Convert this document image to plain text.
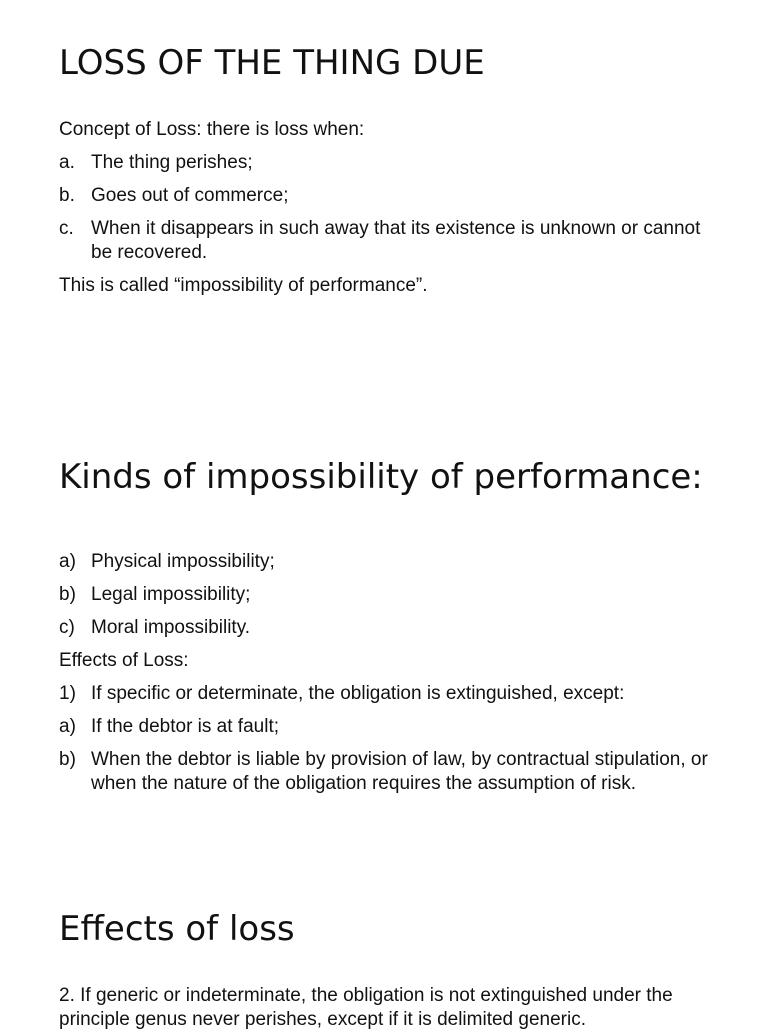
LOSS OF THE THING DUE

Concept of Loss: there is loss when:

a. The thing perishes;
b. Goes out of commerce;
c. When it disappears in such away that its existence is unknown or cannot be recovered.

This is called “impossibility of performance”.

Kinds of impossibility of performance:
a) Physical impossibility;
b) Legal impossibility;
c) Moral impossibility.

Effects of Loss:

1) If specific or determinate, the obligation is extinguished, except:
a) If the debtor is at fault;
b) When the debtor is liable by provision of law, by contractual stipulation, or when the nature of the obligation requires the assumption of risk.
Effects of loss

2. If generic or indeterminate, the obligation is not extinguished under the principle genus never perishes, except if it is delimited generic.
